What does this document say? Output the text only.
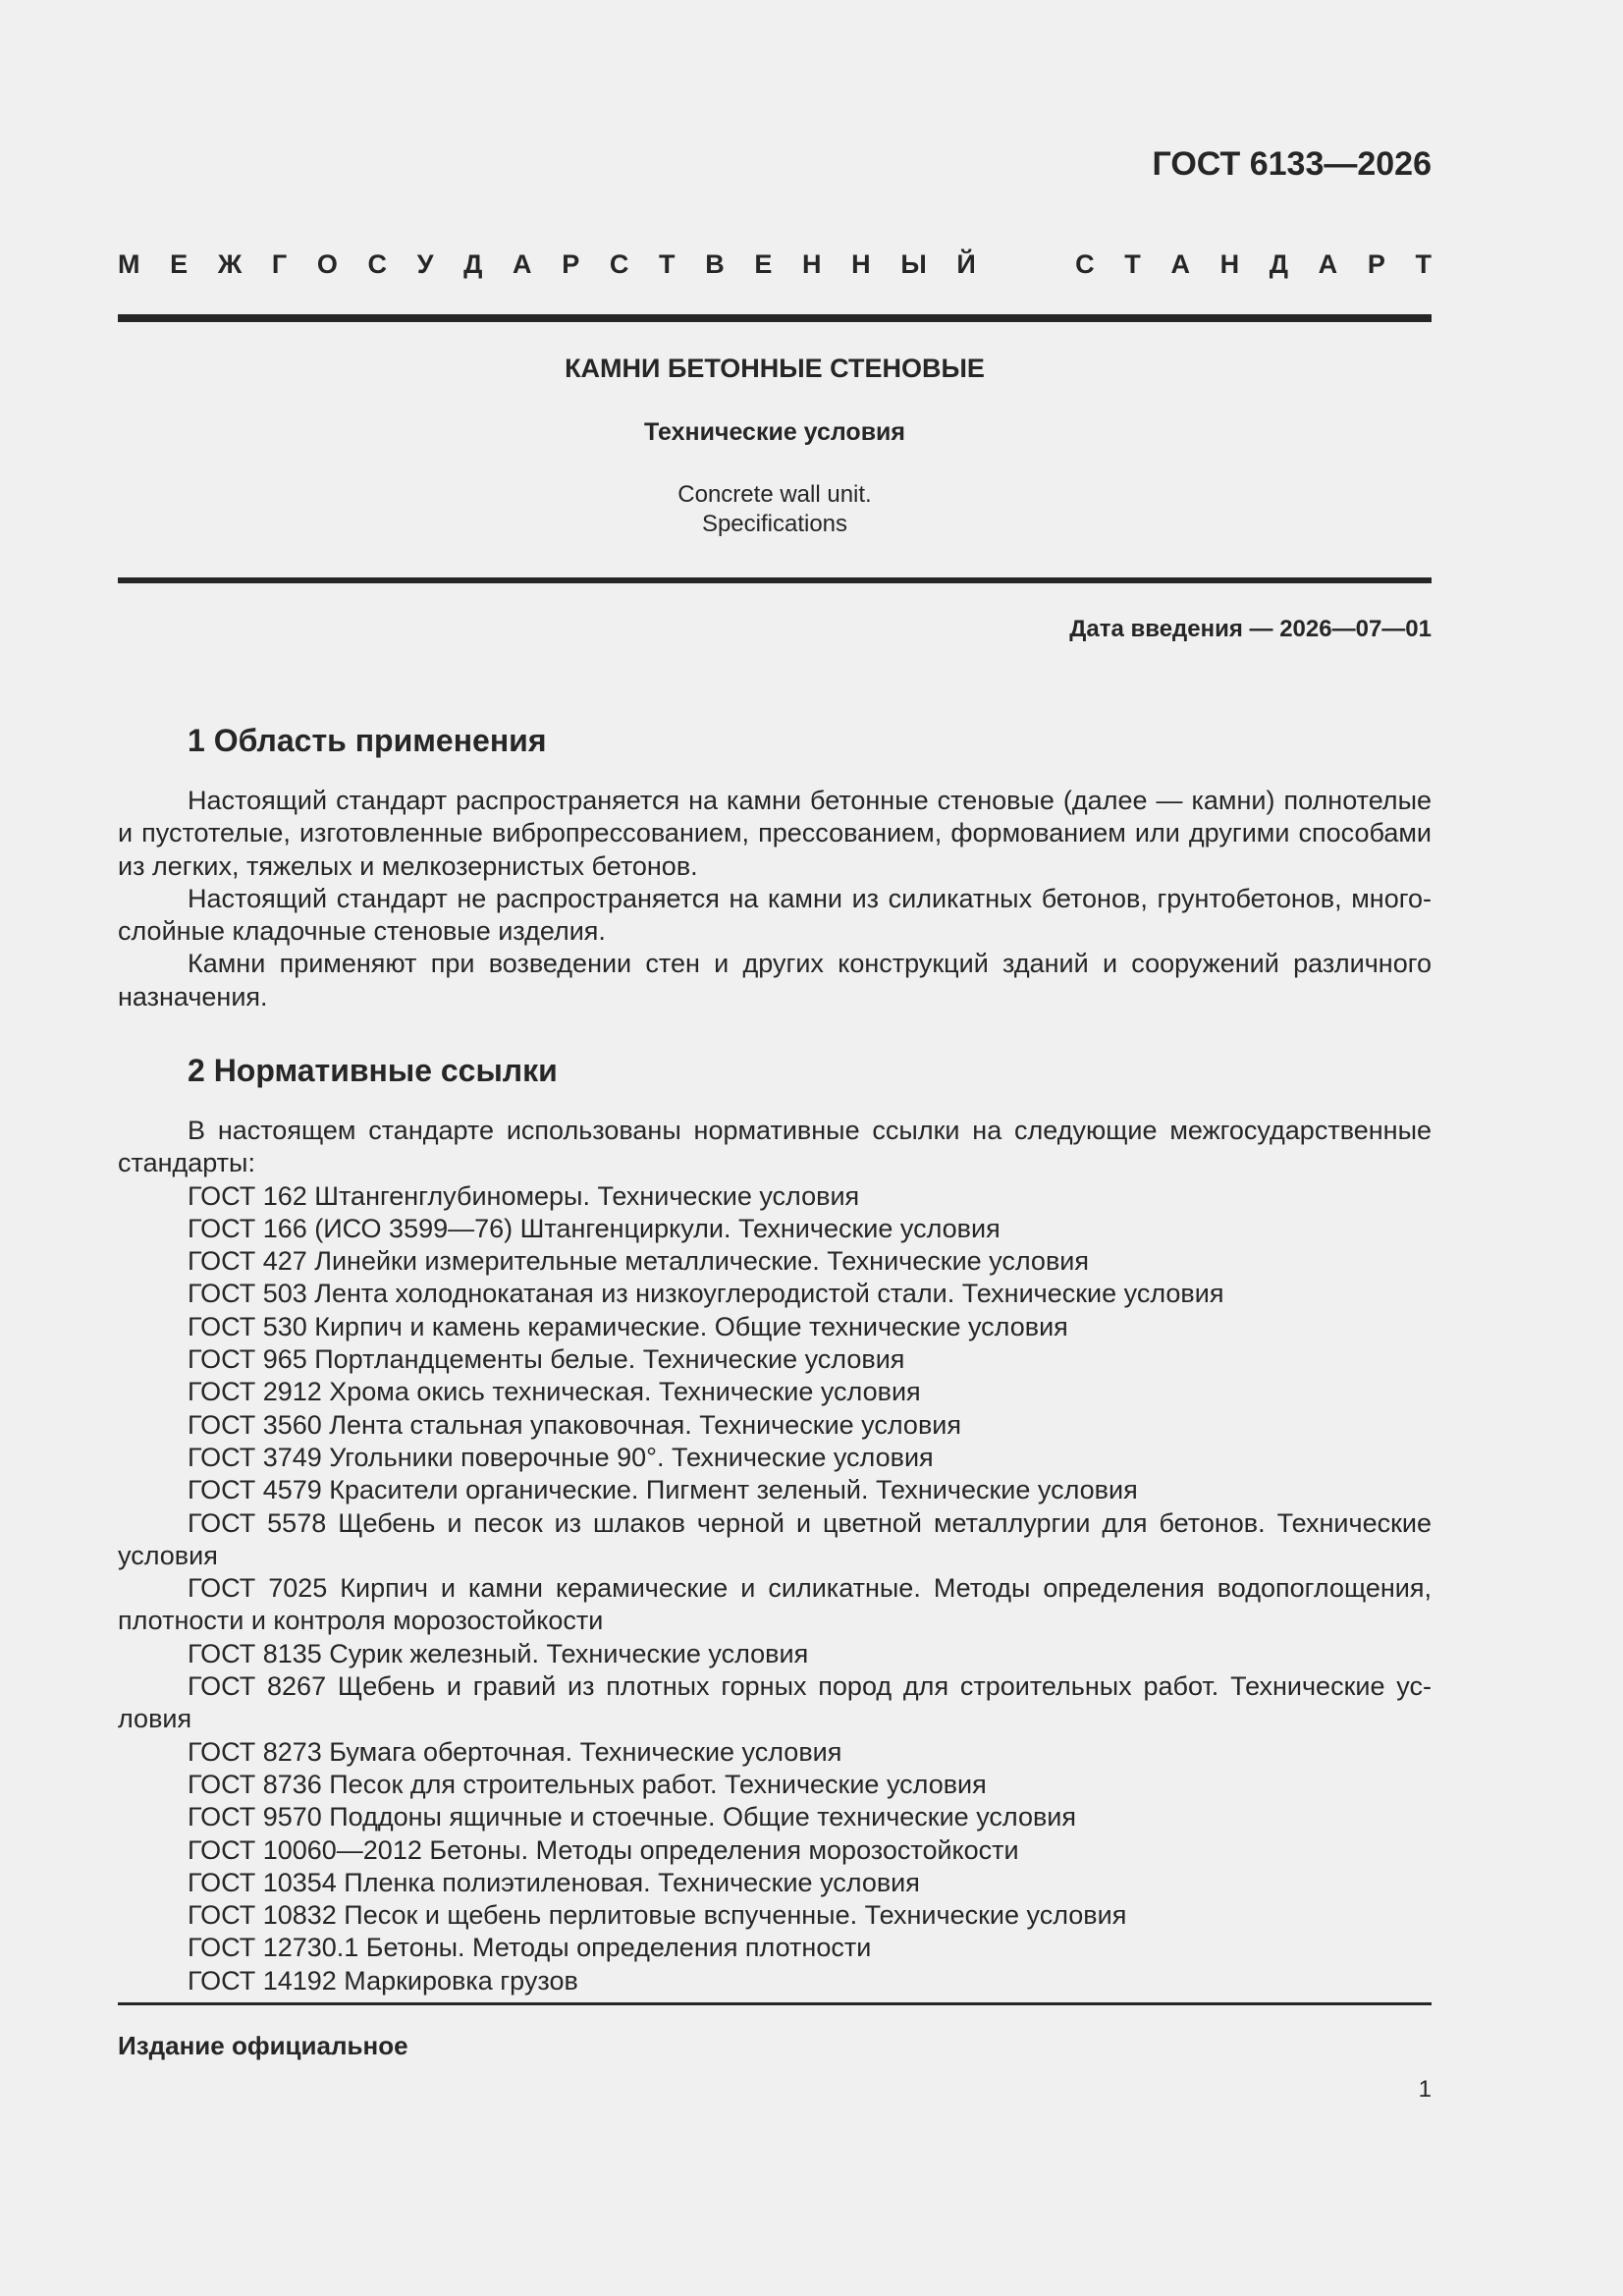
ГОСТ 6133—2026
М Е Ж Г О С У Д А Р С Т В Е Н Н Ы Й	С Т А Н Д А Р Т
КАМНИ БЕТОННЫЕ СТЕНОВЫЕ
Технические условия
Concrete wall unit.
Specifications
Дата введения — 2026—07—01
1 Область применения

Настоящий стандарт распространяется на камни бетонные стеновые (далее — камни) полнотелые и пустотелые, изготовленные вибропрессованием, прессованием, формованием или другими способами из легких, тяжелых и мелкозернистых бетонов.

Настоящий стандарт не распространяется на камни из силикатных бетонов, грунтобетонов, многослойные кладочные стеновые изделия.

Камни применяют при возведении стен и других конструкций зданий и сооружений различного назначения.

2 Нормативные ссылки

В настоящем стандарте использованы нормативные ссылки на следующие межгосударственные стандарты:

ГОСТ 162 Штангенглубиномеры. Технические условия

ГОСТ 166 (ИСО 3599—76) Штангенциркули. Технические условия

ГОСТ 427 Линейки измерительные металлические. Технические условия

ГОСТ 503 Лента холоднокатаная из низкоуглеродистой стали. Технические условия

ГОСТ 530 Кирпич и камень керамические. Общие технические условия

ГОСТ 965 Портландцементы белые. Технические условия

ГОСТ 2912 Хрома окись техническая. Технические условия

ГОСТ 3560 Лента стальная упаковочная. Технические условия

ГОСТ 3749 Угольники поверочные 90°. Технические условия

ГОСТ 4579 Красители органические. Пигмент зеленый. Технические условия

ГОСТ 5578 Щебень и песок из шлаков черной и цветной металлургии для бетонов. Технические условия

ГОСТ 7025 Кирпич и камни керамические и силикатные. Методы определения водопоглощения, плотности и контроля морозостойкости

ГОСТ 8135 Сурик железный. Технические условия

ГОСТ 8267 Щебень и гравий из плотных горных пород для строительных работ. Технические условия

ГОСТ 8273 Бумага оберточная. Технические условия

ГОСТ 8736 Песок для строительных работ. Технические условия

ГОСТ 9570 Поддоны ящичные и стоечные. Общие технические условия

ГОСТ 10060—2012 Бетоны. Методы определения морозостойкости

ГОСТ 10354 Пленка полиэтиленовая. Технические условия

ГОСТ 10832 Песок и щебень перлитовые вспученные. Технические условия

ГОСТ 12730.1 Бетоны. Методы определения плотности

ГОСТ 14192 Маркировка грузов

Издание официальное
1
